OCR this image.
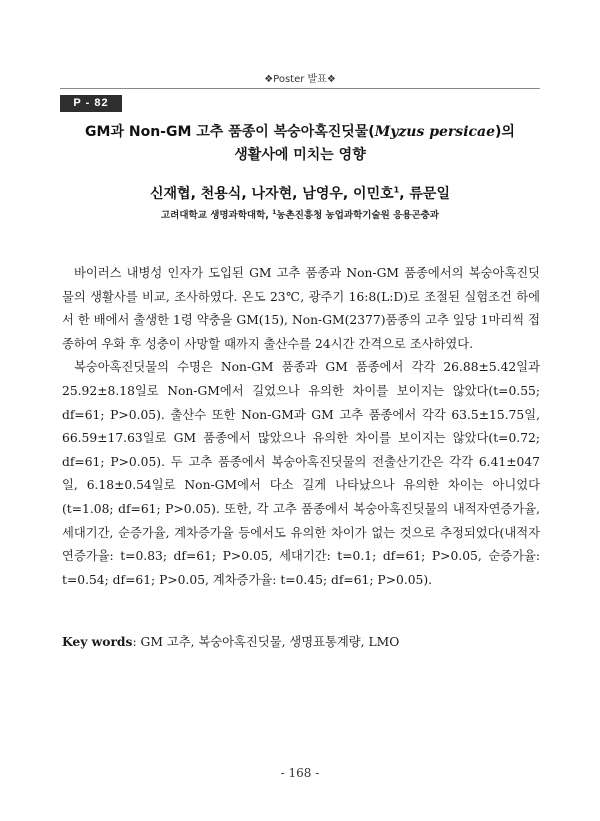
❖Poster 발표❖
P - 82
GM과 Non-GM 고추 품종이 복숭아혹진딧물(Myzus persicae)의
생활사에 미치는 영향
신재협, 천용식, 나자현, 남영우, 이민호$^1$, 류문일
고려대학교 생명과학대학, $^1$농촌진흥청 농업과학기술원 응용곤충과

바이러스 내병성 인자가 도입된 GM 고추 품종과 Non-GM 품종에서의 복숭아혹진딧물의 생활사를 비교, 조사하였다. 온도 23℃, 광주기 16:8(L:D)로 조절된 실험조건 하에서 한 배에서 출생한 1령 약충을 GM(15), Non-GM(2377)품종의 고추 잎당 1마리씩 접종하여 우화 후 성충이 사망할 때까지 출산수를 24시간 간격으로 조사하였다.

복숭아혹진딧물의 수명은 Non-GM 품종과 GM 품종에서 각각 26.88±5.42일과 25.92±8.18일로 Non-GM에서 길었으나 유의한 차이를 보이지는 않았다(t=0.55; df=61; P>0.05). 출산수 또한 Non-GM과 GM 고추 품종에서 각각 63.5±15.75일, 66.59±17.63일로 GM 품종에서 많았으나 유의한 차이를 보이지는 않았다(t=0.72; df=61; P>0.05). 두 고추 품종에서 복숭아혹진딧물의 전출산기간은 각각 6.41±047일, 6.18±0.54일로 Non-GM에서 다소 길게 나타났으나 유의한 차이는 아니었다(t=1.08; df=61; P>0.05). 또한, 각 고추 품종에서 복숭아혹진딧물의 내적자연증가율, 세대기간, 순증가율, 계차증가율 등에서도 유의한 차이가 없는 것으로 추정되었다(내적자연증가율: t=0.83; df=61; P>0.05, 세대기간: t=0.1; df=61; P>0.05, 순증가율: t=0.54; df=61; P>0.05, 계차증가율: t=0.45; df=61; P>0.05).

Key words: GM 고추, 복숭아혹진딧물, 생명표통계량, LMO
- 168 -
